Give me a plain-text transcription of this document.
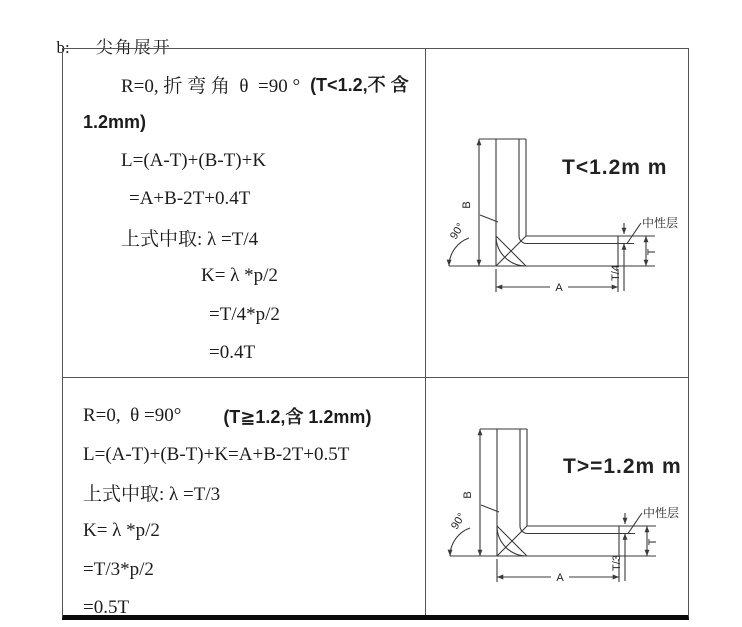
b: 尖角展开

R=0, 折 弯 角  θ  =90 ° (T<1.2,不 含
1.2mm)
L=(A-T)+(B-T)+K
=A+B-2T+0.4T
上式中取: λ =T/4
K= λ *p/2
=T/4*p/2
=0.4T
T<1.2m m
B
90°
A
T
T/4
中性层
R=0,  θ =90° (T≧1.2,含 1.2mm)
L=(A-T)+(B-T)+K=A+B-2T+0.5T
上式中取: λ =T/3
K= λ *p/2
=T/3*p/2
=0.5T
T>=1.2m m
B
90°
A
T
T/3
中性层
